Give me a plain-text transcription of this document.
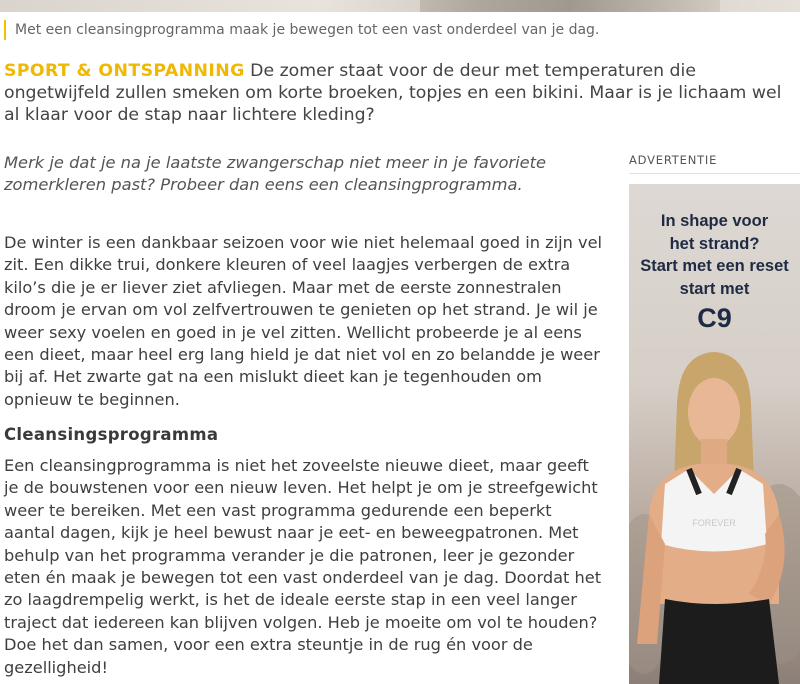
Met een cleansingprogramma maak je bewegen tot een vast onderdeel van je dag.
SPORT & ONTSPANNING De zomer staat voor de deur met temperaturen die ongetwijfeld zullen smeken om korte broeken, topjes en een bikini. Maar is je lichaam wel al klaar voor de stap naar lichtere kleding?
Merk je dat je na je laatste zwangerschap niet meer in je favoriete zomerkleren past? Probeer dan eens een cleansingprogramma.
De winter is een dankbaar seizoen voor wie niet helemaal goed in zijn vel zit. Een dikke trui, donkere kleuren of veel laagjes verbergen de extra kilo’s die je er liever ziet afvliegen. Maar met de eerste zonnestralen droom je ervan om vol zelfvertrouwen te genieten op het strand. Je wil je weer sexy voelen en goed in je vel zitten. Wellicht probeerde je al eens een dieet, maar heel erg lang hield je dat niet vol en zo belandde je weer bij af. Het zwarte gat na een mislukt dieet kan je tegenhouden om opnieuw te beginnen.
Cleansingsprogramma
Een cleansingprogramma is niet het zoveelste nieuwe dieet, maar geeft je de bouwstenen voor een nieuw leven. Het helpt je om je streefgewicht weer te bereiken. Met een vast programma gedurende een beperkt aantal dagen, kijk je heel bewust naar je eet- en beweegpatronen. Met behulp van het programma verander je die patronen, leer je gezonder eten én maak je bewegen tot een vast onderdeel van je dag. Doordat het zo laagdrempelig werkt, is het de ideale eerste stap in een veel langer traject dat iedereen kan blijven volgen. Heb je moeite om vol te houden? Doe het dan samen, voor een extra steuntje in de rug én voor de gezelligheid!
ADVERTENTIE
In shape voor
het strand?
Start met een reset
start met
C9
FOREVER
